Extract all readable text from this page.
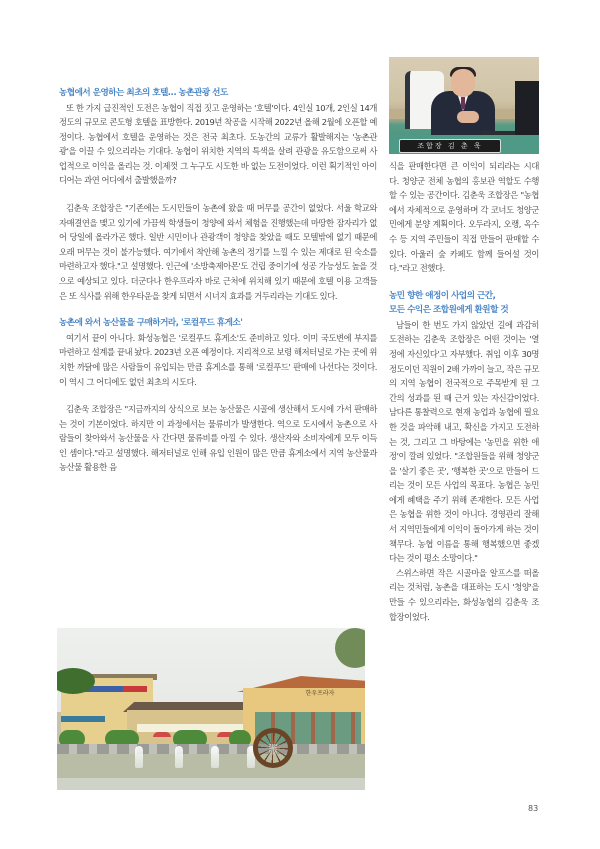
농협에서 운영하는 최초의 호텔… 농촌관광 선도

또 한 가지 급진적인 도전은 농협이 직접 짓고 운영하는 '호텔'이다. 4인실 10개, 2인실 14개 정도의 규모로 콘도형 호텔을 표방한다. 2019년 착공을 시작해 2022년 올해 2월에 오픈할 예정이다. 농협에서 호텔을 운영하는 것은 전국 최초다. 도농간의 교류가 활발해지는 '농촌관광'을 이끌 수 있으리라는 기대다. 농협이 위치한 지역의 특색을 살려 관광을 유도함으로써 사업적으로 이익을 올리는 것. 이제껏 그 누구도 시도한 바 없는 도전이었다. 이런 획기적인 아이디어는 과연 어디에서 출발했을까?

김춘욱 조합장은 "기존에는 도시민들이 농촌에 왔을 때 머무를 공간이 없었다. 서울 학교와 자매결연을 맺고 있기에 가끔씩 학생들이 청양에 와서 체험을 진행했는데 마땅한 잠자리가 없어 당일에 올라가곤 했다. 일반 시민이나 관광객이 청양을 찾았을 때도 모텔밖에 없기 때문에 오래 머무는 것이 불가능했다. 여기에서 착안해 농촌의 정기를 느낄 수 있는 제대로 된 숙소를 마련하고자 했다."고 설명했다. 인근에 '소방축제아몬'도 건립 중이기에 성공 가능성도 높을 것으로 예상되고 있다. 더군다나 한우프라자 바로 근처에 위치해 있기 때문에 호텔 이용 고객들은 또 식사를 위해 한우타운을 찾게 되면서 시너지 효과를 거두리라는 기대도 있다.

농촌에 와서 농산물을 구매하거라, '로컬푸드 휴게소'

여기서 끝이 아니다. 화성농협은 '로컬푸드 휴게소'도 준비하고 있다. 이미 국도변에 부지를 마련하고 설계를 끝내 놨다. 2023년 오픈 예정이다. 지리적으로 보령 해저터널로 가는 곳에 위치한 까닭에 많은 사람들이 유입되는 만큼 휴게소를 통해 '로컬푸드' 판매에 나선다는 것이다. 이 역시 그 어디에도 없던 최초의 시도다.

김춘욱 조합장은 "지금까지의 상식으로 보는 농산물은 시골에 생산해서 도시에 가서 판매하는 것이 기본이었다. 하지만 이 과정에서는 물류비가 발생한다. 역으로 도시에서 농촌으로 사람들이 찾아와서 농산물을 사 간다면 물류비를 아낄 수 있다. 생산자와 소비자에게 모두 이득인 셈이다."라고 설명했다. 해저터널로 인해 유입 인원이 많은 만큼 휴게소에서 지역 농산물과 농산물 활용한 음

조합장 김 춘 욱

식을 판매한다면 큰 이익이 되리라는 시대다. 청양군 전체 농협의 홍보관 역할도 수행할 수 있는 공간이다. 김춘욱 조합장은 "농협에서 자체적으로 운영하며 각 코너도 청양군민에게 분양 계획이다. 오두라지, 오랭, 옥수수 등 지역 주민들이 직접 만들어 판매할 수 있다. 아울러 숲 카페도 함께 들어설 것이다."라고 전했다.

농민 향한 애정이 사업의 근간,

모든 수익은 조합원에게 환원할 것

남들이 한 번도 가지 않았던 길에 과감히 도전하는 김춘욱 조합장은 어떤 것이는 '열정에 자신있다'고 자부했다. 취임 이후 30명 정도이던 직원이 2배 가까이 늘고, 작은 규모의 지역 농협이 전국적으로 주목받게 된 그 간의 성과를 된 때 근거 있는 자신감이었다. 남다른 통찰력으로 현재 농업과 농협에 필요한 것을 파악해 내고, 확신을 가지고 도전하는 것, 그리고 그 바탕에는 '농민을 위한 애정'이 깔려 있었다. "조합원들을 위해 청양군을 '살기 좋은 곳', '행복한 곳'으로 만들어 드리는 것이 모든 사업의 목표다. 농협은 농민에게 혜택을 주기 위해 존재한다. 모든 사업은 농협을 위한 것이 아니다. 경영관리 잘해서 지역민들에게 이익이 돌아가게 하는 것이 책무다. 농협 이름을 통해 행복했으면 좋겠다는 것이 평소 소망이다."

스위스하면 작은 시골마을 알프스를 떠올리는 것처럼, 농촌을 대표하는 도시 '청양'을 만들 수 있으리라는, 화성농협의 김춘욱 조합장이었다.

한우프라자
83
